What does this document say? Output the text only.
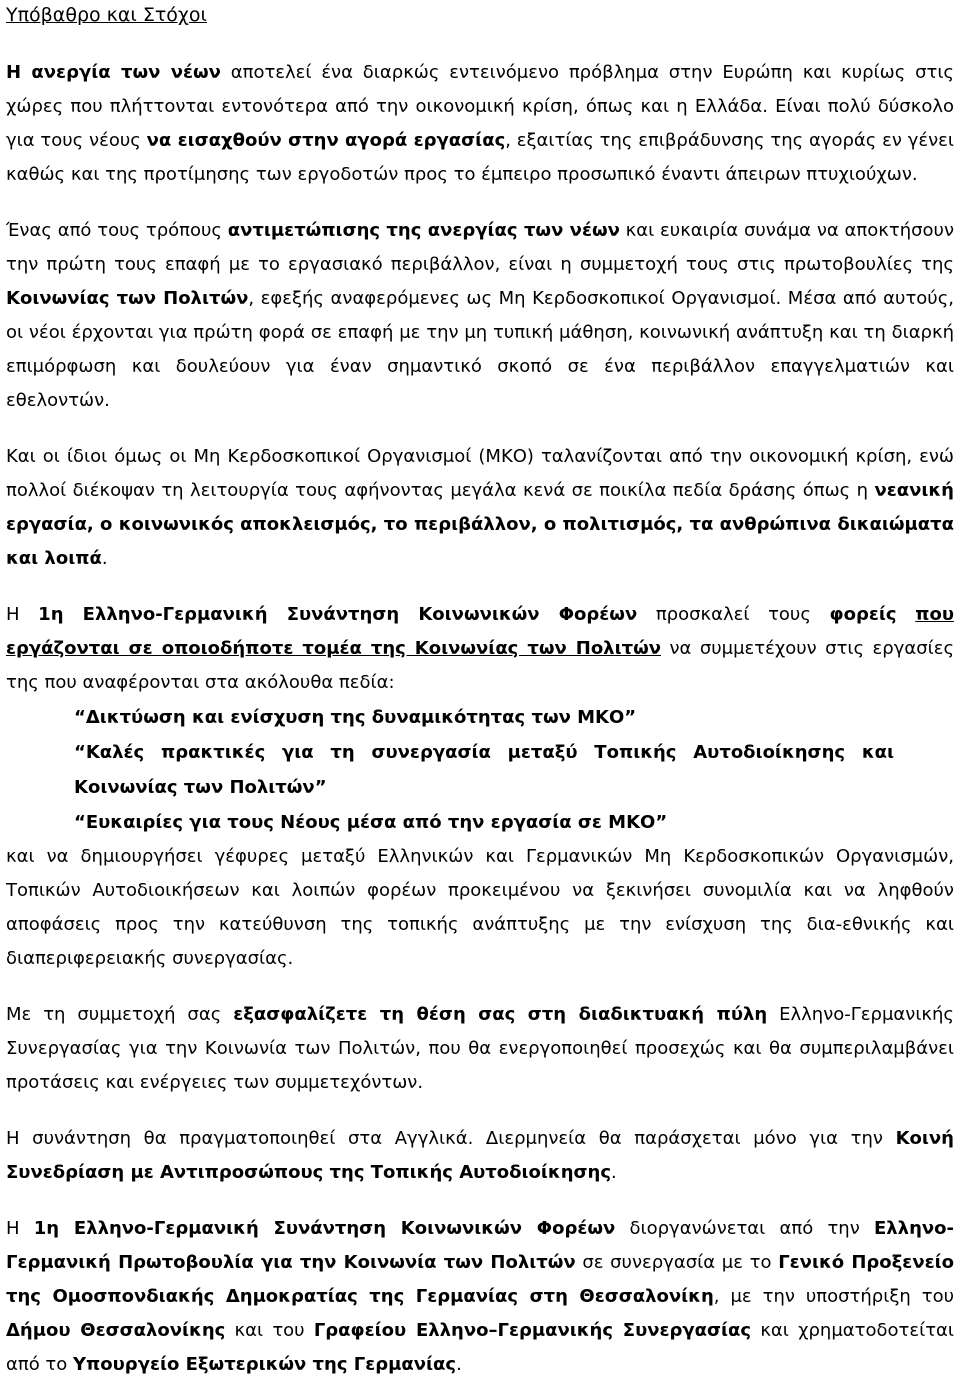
Υπόβαθρο και Στόχοι

Η ανεργία των νέων αποτελεί ένα διαρκώς εντεινόμενο πρόβλημα στην Ευρώπη και κυρίως στις χώρες που πλήττονται εντονότερα από την οικονομική κρίση, όπως και η Ελλάδα. Είναι πολύ δύσκολο για τους νέους να εισαχθούν στην αγορά εργασίας, εξαιτίας της επιβράδυνσης της αγοράς εν γένει καθώς και της προτίμησης των εργοδοτών προς το έμπειρο προσωπικό έναντι άπειρων πτυχιούχων.

Ένας από τους τρόπους αντιμετώπισης της ανεργίας των νέων και ευκαιρία συνάμα να αποκτήσουν την πρώτη τους επαφή με το εργασιακό περιβάλλον, είναι η συμμετοχή τους στις πρωτοβουλίες της Κοινωνίας των Πολιτών, εφεξής αναφερόμενες ως Μη Κερδοσκοπικοί Οργανισμοί. Μέσα από αυτούς, οι νέοι έρχονται για πρώτη φορά σε επαφή με την μη τυπική μάθηση, κοινωνική ανάπτυξη και τη διαρκή επιμόρφωση και δουλεύουν για έναν σημαντικό σκοπό σε ένα περιβάλλον επαγγελματιών και εθελοντών.

Και οι ίδιοι όμως οι Μη Κερδοσκοπικοί Οργανισμοί (ΜΚΟ) ταλανίζονται από την οικονομική κρίση, ενώ πολλοί διέκοψαν τη λειτουργία τους αφήνοντας μεγάλα κενά σε ποικίλα πεδία δράσης όπως η νεανική εργασία, ο κοινωνικός αποκλεισμός, το περιβάλλον, ο πολιτισμός, τα ανθρώπινα δικαιώματα και λοιπά.

Η 1η Ελληνο-Γερμανική Συνάντηση Κοινωνικών Φορέων προσκαλεί τους φορείς που εργάζονται σε οποιοδήποτε τομέα της Κοινωνίας των Πολιτών να συμμετέχουν στις εργασίες της που αναφέρονται στα ακόλουθα πεδία:

“Δικτύωση και ενίσχυση της δυναμικότητας των ΜΚΟ”

“Καλές πρακτικές για τη συνεργασία μεταξύ Τοπικής Αυτοδιοίκησης και Κοινωνίας των Πολιτών”

“Ευκαιρίες για τους Νέους μέσα από την εργασία σε ΜΚΟ”

και να δημιουργήσει γέφυρες μεταξύ Ελληνικών και Γερμανικών Μη Κερδοσκοπικών Οργανισμών, Τοπικών Αυτοδιοικήσεων και λοιπών φορέων προκειμένου να ξεκινήσει συνομιλία και να ληφθούν αποφάσεις προς την κατεύθυνση της τοπικής ανάπτυξης με την ενίσχυση της δια-εθνικής και διαπεριφερειακής συνεργασίας.

Με τη συμμετοχή σας εξασφαλίζετε τη θέση σας στη διαδικτυακή πύλη Ελληνο-Γερμανικής Συνεργασίας για την Κοινωνία των Πολιτών, που θα ενεργοποιηθεί προσεχώς και θα συμπεριλαμβάνει προτάσεις και ενέργειες των συμμετεχόντων.

Η συνάντηση θα πραγματοποιηθεί στα Αγγλικά. Διερμηνεία θα παράσχεται μόνο για την Κοινή Συνεδρίαση με Αντιπροσώπους της Τοπικής Αυτοδιοίκησης.

Η 1η Ελληνο-Γερμανική Συνάντηση Κοινωνικών Φορέων διοργανώνεται από την Ελληνο-Γερμανική Πρωτοβουλία για την Κοινωνία των Πολιτών σε συνεργασία με το Γενικό Προξενείο της Ομοσπονδιακής Δημοκρατίας της Γερμανίας στη Θεσσαλονίκη, με την υποστήριξη του Δήμου Θεσσαλονίκης και του Γραφείου Ελληνο–Γερμανικής Συνεργασίας και χρηματοδοτείται από το Υπουργείο Εξωτερικών της Γερμανίας.
